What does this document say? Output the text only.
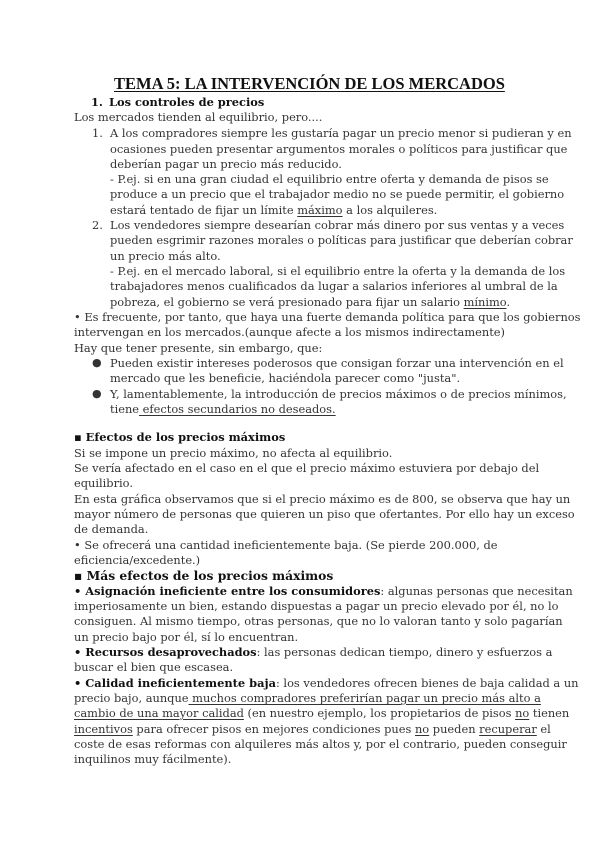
TEMA 5: LA INTERVENCIÓN DE LOS MERCADOS
1. Los controles de precios
Los mercados tienden al equilibrio, pero....
1. A los compradores siempre les gustaría pagar un precio menor si pudieran y en
ocasiones pueden presentar argumentos morales o políticos para justificar que
deberían pagar un precio más reducido.
- P.ej. si en una gran ciudad el equilibrio entre oferta y demanda de pisos se
produce a un precio que el trabajador medio no se puede permitir, el gobierno
estará tentado de fijar un límite máximo a los alquileres.
2. Los vendedores siempre desearían cobrar más dinero por sus ventas y a veces
pueden esgrimir razones morales o políticas para justificar que deberían cobrar
un precio más alto.
- P.ej. en el mercado laboral, si el equilibrio entre la oferta y la demanda de los
trabajadores menos cualificados da lugar a salarios inferiores al umbral de la
pobreza, el gobierno se verá presionado para fijar un salario mínimo.
• Es frecuente, por tanto, que haya una fuerte demanda política para que los gobiernos
intervengan en los mercados.(aunque afecte a los mismos indirectamente)
Hay que tener presente, sin embargo, que:
● Pueden existir intereses poderosos que consigan forzar una intervención en el
mercado que les beneficie, haciéndola parecer como "justa".
● Y, lamentablemente, la introducción de precios máximos o de precios mínimos,
tiene efectos secundarios no deseados.
▪ Efectos de los precios máximos
Si se impone un precio máximo, no afecta al equilibrio.
Se vería afectado en el caso en el que el precio máximo estuviera por debajo del
equilibrio.
En esta gráfica observamos que si el precio máximo es de 800, se observa que hay un
mayor número de personas que quieren un piso que ofertantes. Por ello hay un exceso
de demanda.
• Se ofrecerá una cantidad ineficientemente baja. (Se pierde 200.000, de
eficiencia/excedente.)
▪ Más efectos de los precios máximos
• Asignación ineficiente entre los consumidores: algunas personas que necesitan
imperiosamente un bien, estando dispuestas a pagar un precio elevado por él, no lo
consiguen. Al mismo tiempo, otras personas, que no lo valoran tanto y solo pagarían
un precio bajo por él, sí lo encuentran.
• Recursos desaprovechados: las personas dedican tiempo, dinero y esfuerzos a
buscar el bien que escasea.
• Calidad ineficientemente baja: los vendedores ofrecen bienes de baja calidad a un
precio bajo, aunque muchos compradores preferirían pagar un precio más alto a
cambio de una mayor calidad (en nuestro ejemplo, los propietarios de pisos no tienen
incentivos para ofrecer pisos en mejores condiciones pues no pueden recuperar el
coste de esas reformas con alquileres más altos y, por el contrario, pueden conseguir
inquilinos muy fácilmente).
